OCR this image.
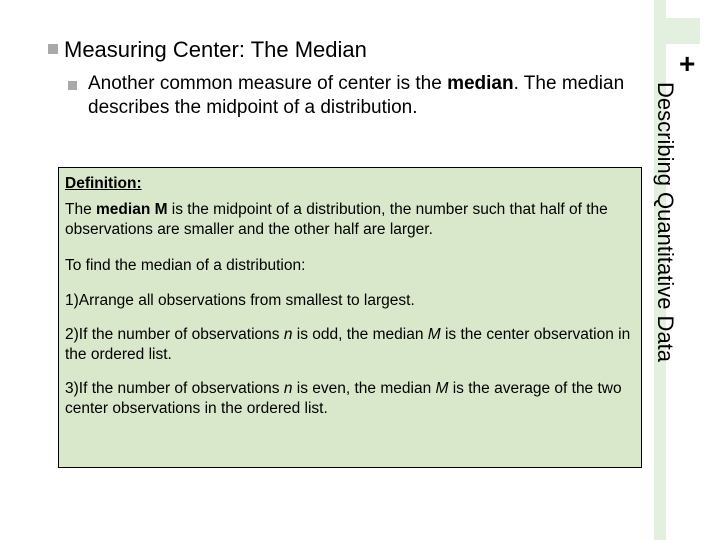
+
Describing Quantitative Data
Measuring Center: The Median
Another common measure of center is the median. The median describes the midpoint of a distribution.

Definition:

The median M is the midpoint of a distribution, the number such that half of the observations are smaller and the other half are larger.

To find the median of a distribution:

1)Arrange all observations from smallest to largest.

2)If the number of observations n is odd, the median M is the center observation in the ordered list.

3)If the number of observations n is even, the median M is the average of the two center observations in the ordered list.
